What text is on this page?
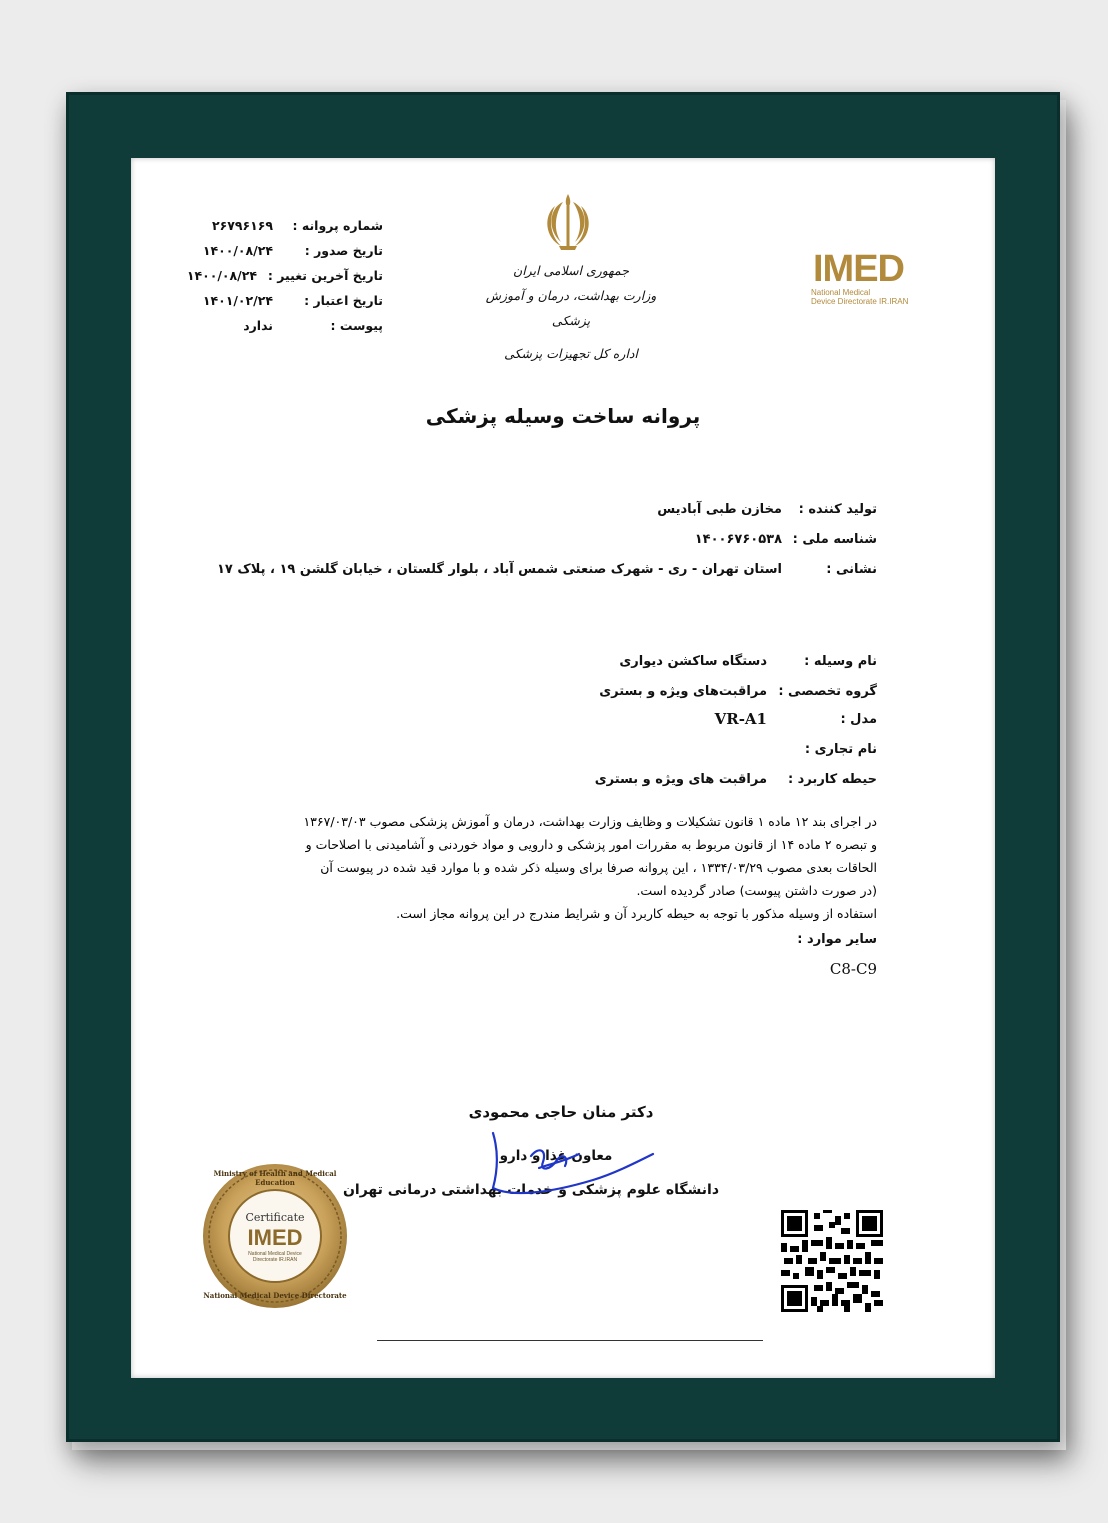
شماره پروانه :
۲۶۷۹۶۱۶۹
تاریخ صدور :
۱۴۰۰/۰۸/۲۴
تاریخ آخرین تغییر :
۱۴۰۰/۰۸/۲۴
تاریخ اعتبار :
۱۴۰۱/۰۲/۲۴
پیوست :
ندارد
جمهوری اسلامی ایران
وزارت بهداشت، درمان و آموزش پزشکی
اداره کل تجهیزات پزشکی
IMED
National Medical
Device Directorate IR.IRAN
پروانه ساخت وسیله پزشکی
تولید کننده :
مخازن طبی آبادیس
شناسه ملی :
۱۴۰۰۶۷۶۰۵۳۸
نشانی :
استان تهران - ری - شهرک صنعتی شمس آباد ، بلوار گلستان ، خیابان گلشن ۱۹ ، پلاک ۱۷
نام وسیله :
دستگاه ساکشن دیواری
گروه تخصصی :
مراقبت‌های ویژه و بستری
مدل :
VR-A1
نام تجاری :
حیطه کاربرد :
مراقبت های ویژه و بستری
در اجرای بند ۱۲ ماده ۱ قانون تشکیلات و وظایف وزارت بهداشت، درمان و آموزش پزشکی مصوب ۱۳۶۷/۰۳/۰۳
و تبصره ۲ ماده ۱۴ از قانون مربوط به مقررات امور پزشکی و دارویی و مواد خوردنی و آشامیدنی با اصلاحات و
الحاقات بعدی مصوب ۱۳۳۴/۰۳/۲۹ ، این پروانه صرفا برای وسیله ذکر شده و با موارد قید شده در پیوست آن
(در صورت داشتن پیوست) صادر گردیده است.
استفاده از وسیله مذکور با توجه به حیطه کاربرد آن و شرایط مندرج در این پروانه مجاز است.
سایر موارد :
C8-C9
دکتر منان حاجی محمودی
معاون غذا و دارو
دانشگاه علوم پزشکی و خدمات بهداشتی درمانی تهران
Ministry of Health and Medical Education
National Medical Device Directorate
Certificate
IMED
National Medical Device Directorate IR.IRAN
